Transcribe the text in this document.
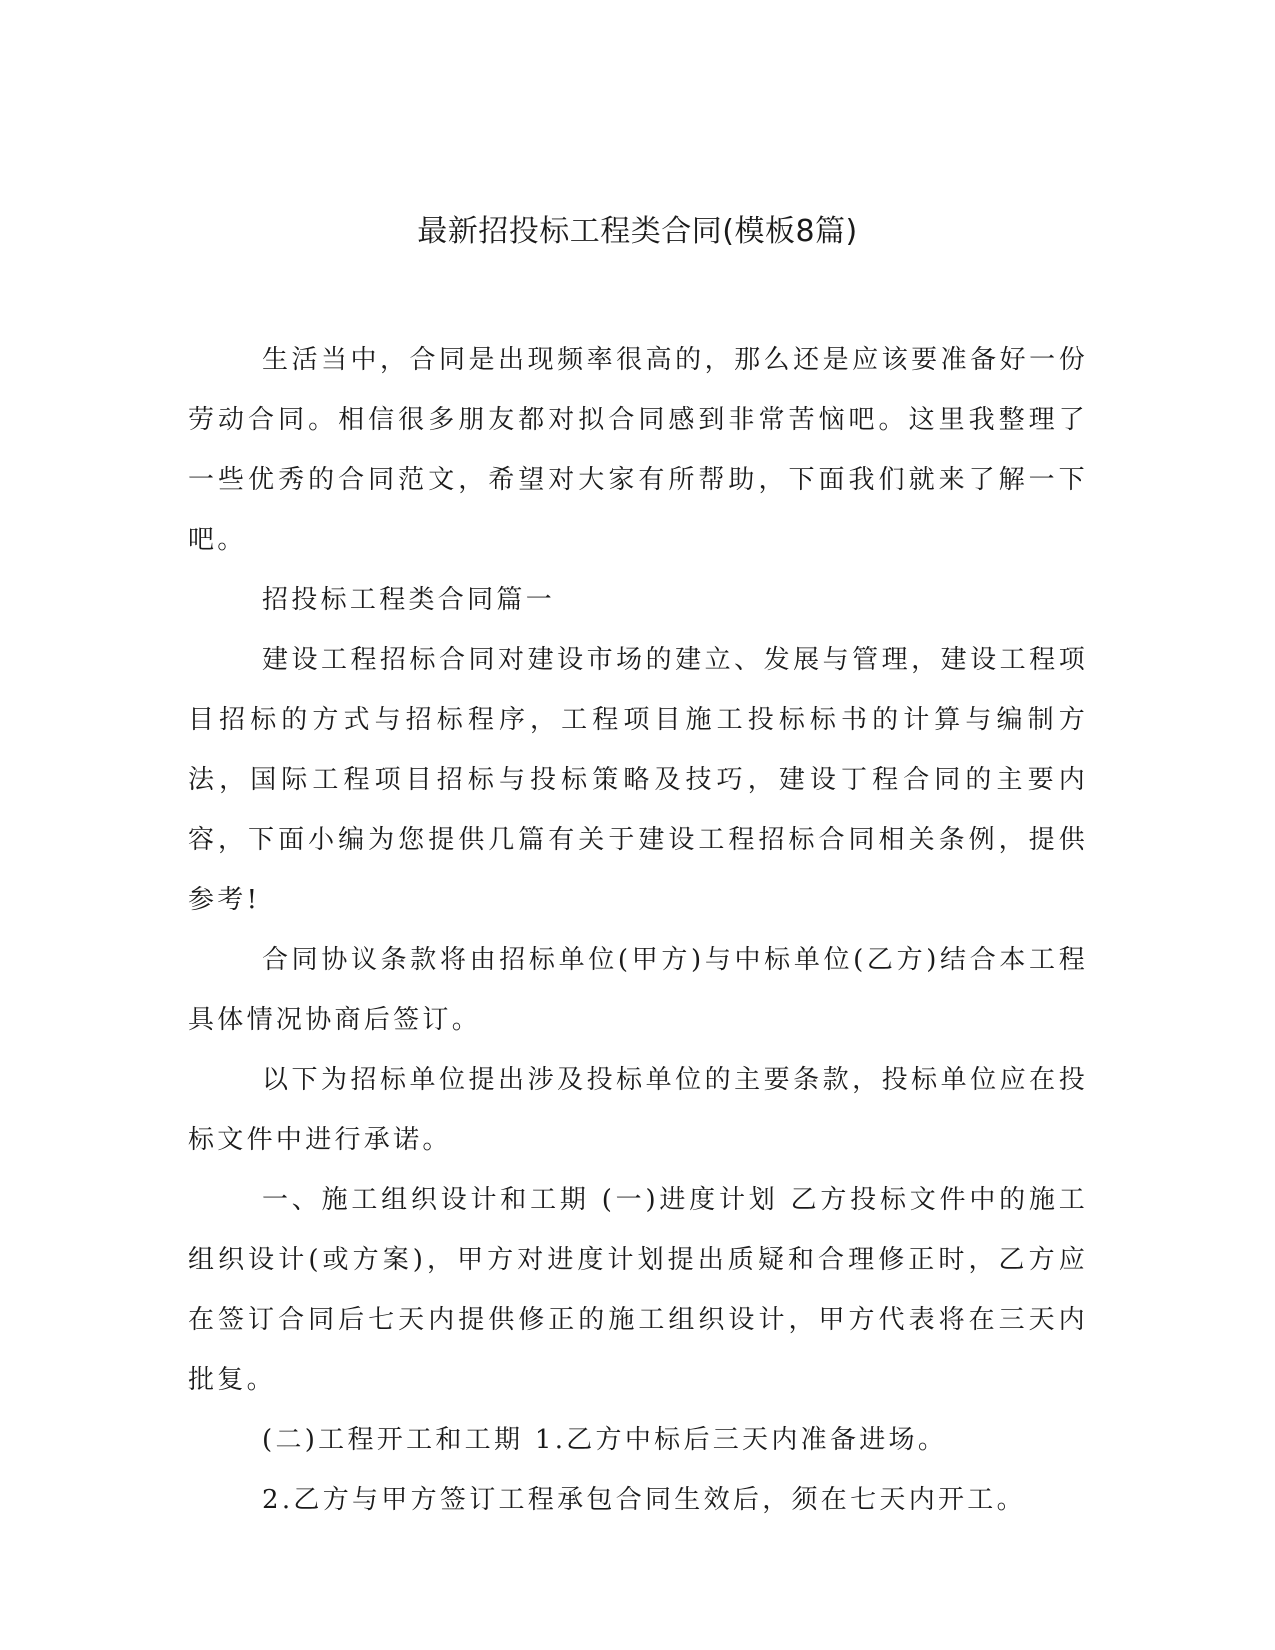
最新招投标工程类合同(模板8篇)

生活当中，合同是出现频率很高的，那么还是应该要准备好一份劳动合同。相信很多朋友都对拟合同感到非常苦恼吧。这里我整理了一些优秀的合同范文，希望对大家有所帮助，下面我们就来了解一下吧。

招投标工程类合同篇一

建设工程招标合同对建设市场的建立、发展与管理，建设工程项目招标的方式与招标程序，工程项目施工投标标书的计算与编制方法，国际工程项目招标与投标策略及技巧，建设丁程合同的主要内容，下面小编为您提供几篇有关于建设工程招标合同相关条例，提供参考!

合同协议条款将由招标单位(甲方)与中标单位(乙方)结合本工程具体情况协商后签订。

以下为招标单位提出涉及投标单位的主要条款，投标单位应在投标文件中进行承诺。

一、施工组织设计和工期 (一)进度计划 乙方投标文件中的施工组织设计(或方案)，甲方对进度计划提出质疑和合理修正时，乙方应在签订合同后七天内提供修正的施工组织设计，甲方代表将在三天内批复。

(二)工程开工和工期 1.乙方中标后三天内准备进场。

2.乙方与甲方签订工程承包合同生效后，须在七天内开工。
